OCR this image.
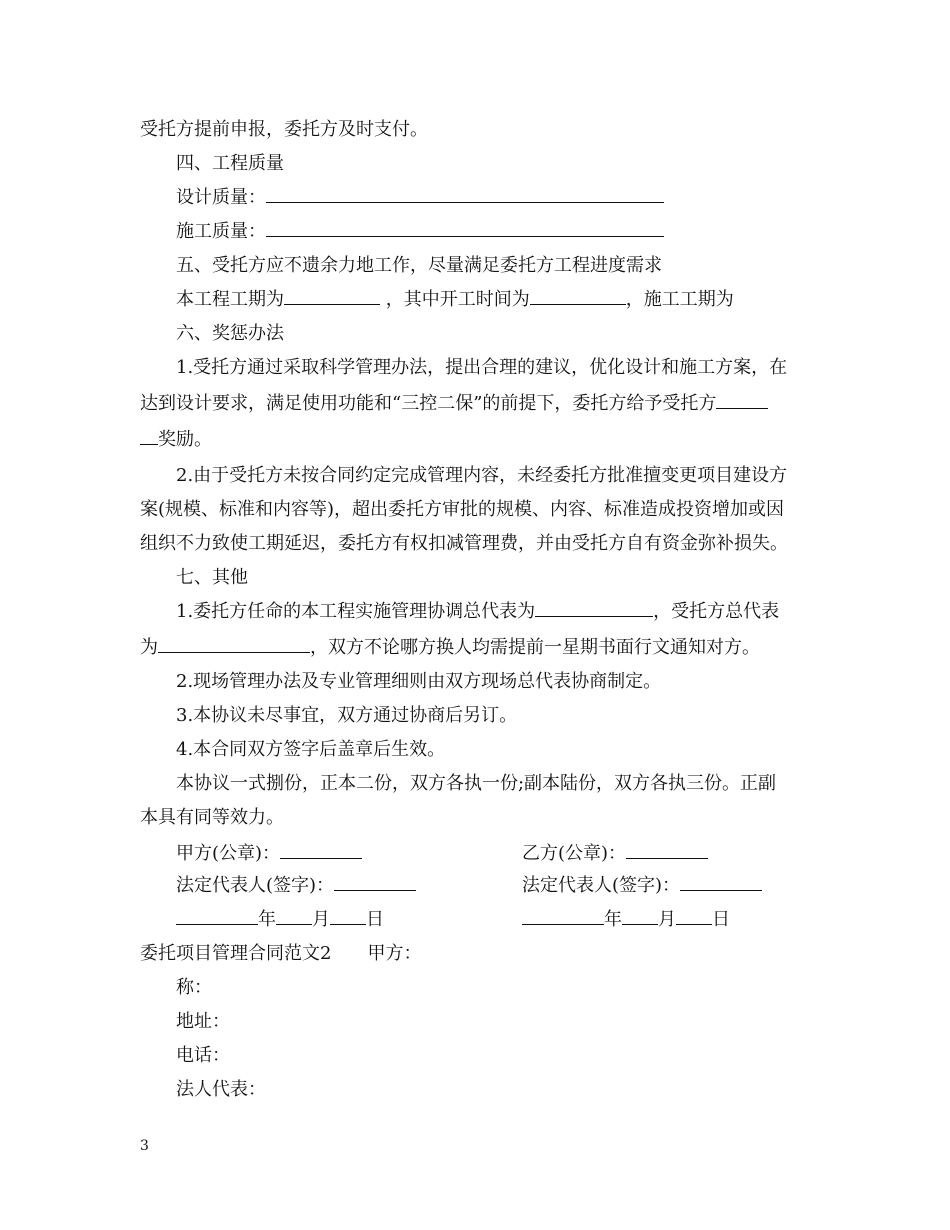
受托方提前申报，委托方及时支付。
四、工程质量
设计质量：
施工质量：
五、受托方应不遗余力地工作，尽量满足委托方工程进度需求
本工程工期为	，其中开工时间为	，施工工期为
六、奖惩办法
1.受托方通过采取科学管理办法，提出合理的建议，优化设计和施工方案，在
达到设计要求，满足使用功能和“三控二保”的前提下，委托方给予受托方
奖励。
2.由于受托方未按合同约定完成管理内容，未经委托方批准擅变更项目建设方
案(规模、标准和内容等)，超出委托方审批的规模、内容、标准造成投资增加或因
组织不力致使工期延迟，委托方有权扣减管理费，并由受托方自有资金弥补损失。
七、其他
1.委托方任命的本工程实施管理协调总代表为	，受托方总代表
为	，双方不论哪方换人均需提前一星期书面行文通知对方。
2.现场管理办法及专业管理细则由双方现场总代表协商制定。
3.本协议未尽事宜，双方通过协商后另订。
4.本合同双方签字后盖章后生效。
本协议一式捌份，正本二份，双方各执一份;副本陆份，双方各执三份。正副
本具有同等效力。
甲方(公章)：	乙方(公章)：
法定代表人(签字)：	法定代表人(签字)：
年 月 日	年 月 日
委托项目管理合同范文2 甲方：
称：
地址：
电话：
法人代表：
3
